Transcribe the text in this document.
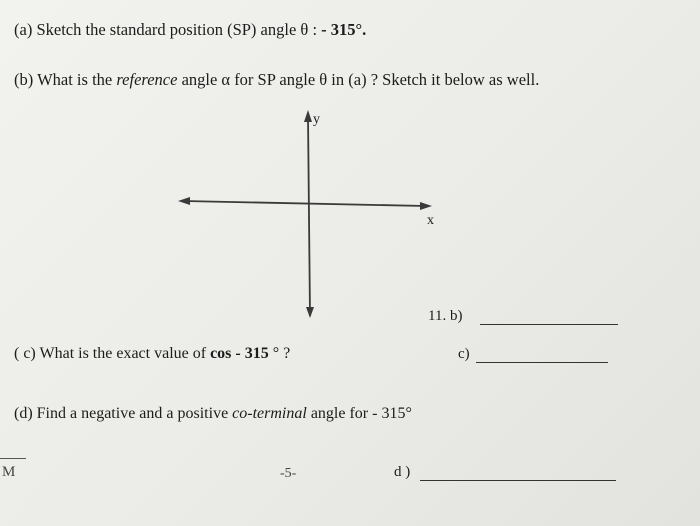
(a) Sketch the standard position (SP) angle θ : - 315°.
(b) What is the reference angle α for SP angle θ in (a) ? Sketch it below as well.
y
x
11. b)
( c) What is the exact value of cos - 315 ° ?	c)
(d) Find a negative and a positive co-terminal angle for - 315°
M	-5-	d )
